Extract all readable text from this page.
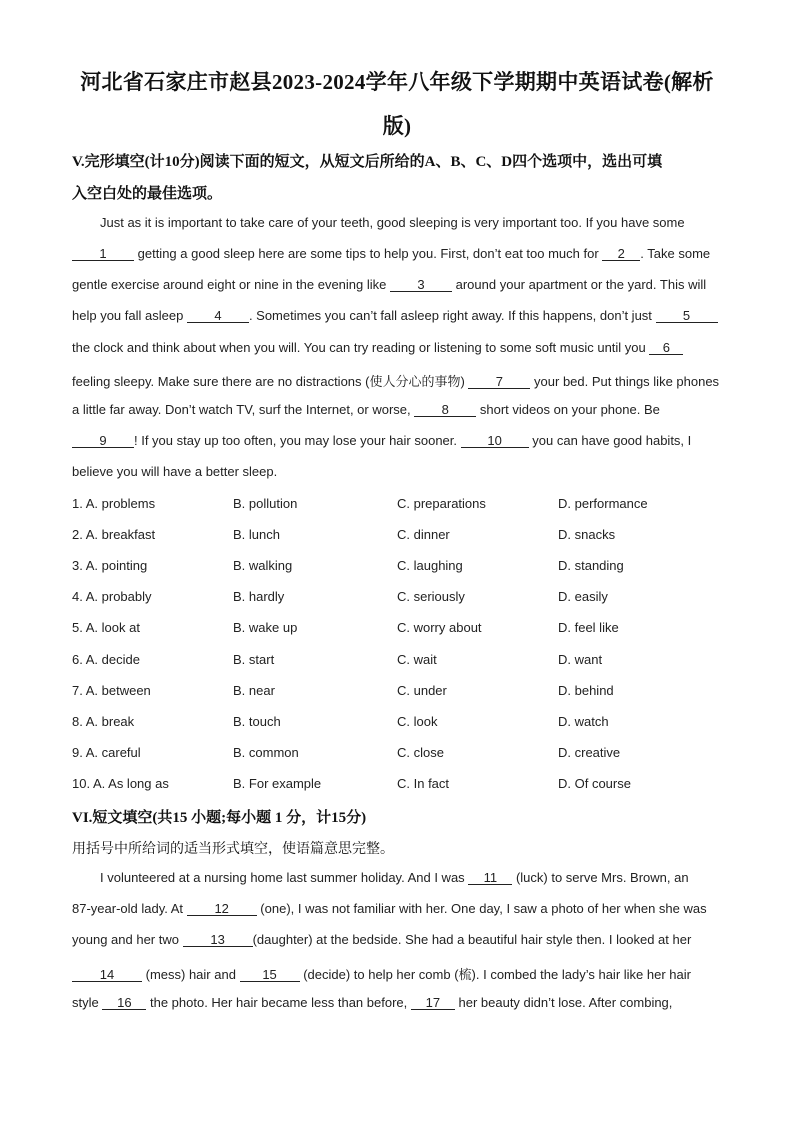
河北省石家庄市赵县2023-2024学年八年级下学期期中英语试卷(解析
版)
V.完形填空(计10分)阅读下面的短文，从短文后所给的A、B、C、D四个选项中，选出可填
入空白处的最佳选项。
Just as it is important to take care of your teeth, good sleeping is very important too. If you have some
1 getting a good sleep here are some tips to help you. First, don’t eat too much for 2 . Take some
gentle exercise around eight or nine in the evening like 3 around your apartment or the yard. This will
help you fall asleep 4 . Sometimes you can’t fall asleep right away. If this happens, don’t just 5
the clock and think about when you will. You can try reading or listening to some soft music until you 6
feeling sleepy. Make sure there are no distractions (使人分心的事物) 7 your bed. Put things like phones
a little far away. Don’t watch TV, surf the Internet, or worse, 8 short videos on your phone. Be
9 ! If you stay up too often, you may lose your hair sooner. 10 you can have good habits, I
believe you will have a better sleep.
1. A. problems	B. pollution	C. preparations	D. performance
2. A. breakfast	B. lunch	C. dinner	D. snacks
3. A. pointing	B. walking	C. laughing	D. standing
4. A. probably	B. hardly	C. seriously	D. easily
5. A. look at	B. wake up	C. worry about	D. feel like
6. A. decide	B. start	C. wait	D. want
7. A. between	B. near	C. under	D. behind
8. A. break	B. touch	C. look	D. watch
9. A. careful	B. common	C. close	D. creative
10. A. As long as	B. For example	C. In fact	D. Of course
VI.短文填空(共15 小题;每小题 1 分，计15分)
用括号中所给词的适当形式填空，使语篇意思完整。
I volunteered at a nursing home last summer holiday. And I was 11 (luck) to serve Mrs. Brown, an
87-year-old lady. At 12 (one), I was not familiar with her. One day, I saw a photo of her when she was
young and her two 13 (daughter) at the bedside. She had a beautiful hair style then. I looked at her
14 (mess) hair and 15 (decide) to help her comb (梳). I combed the lady’s hair like her hair
style 16 the photo. Her hair became less than before, 17 her beauty didn’t lose. After combing,
